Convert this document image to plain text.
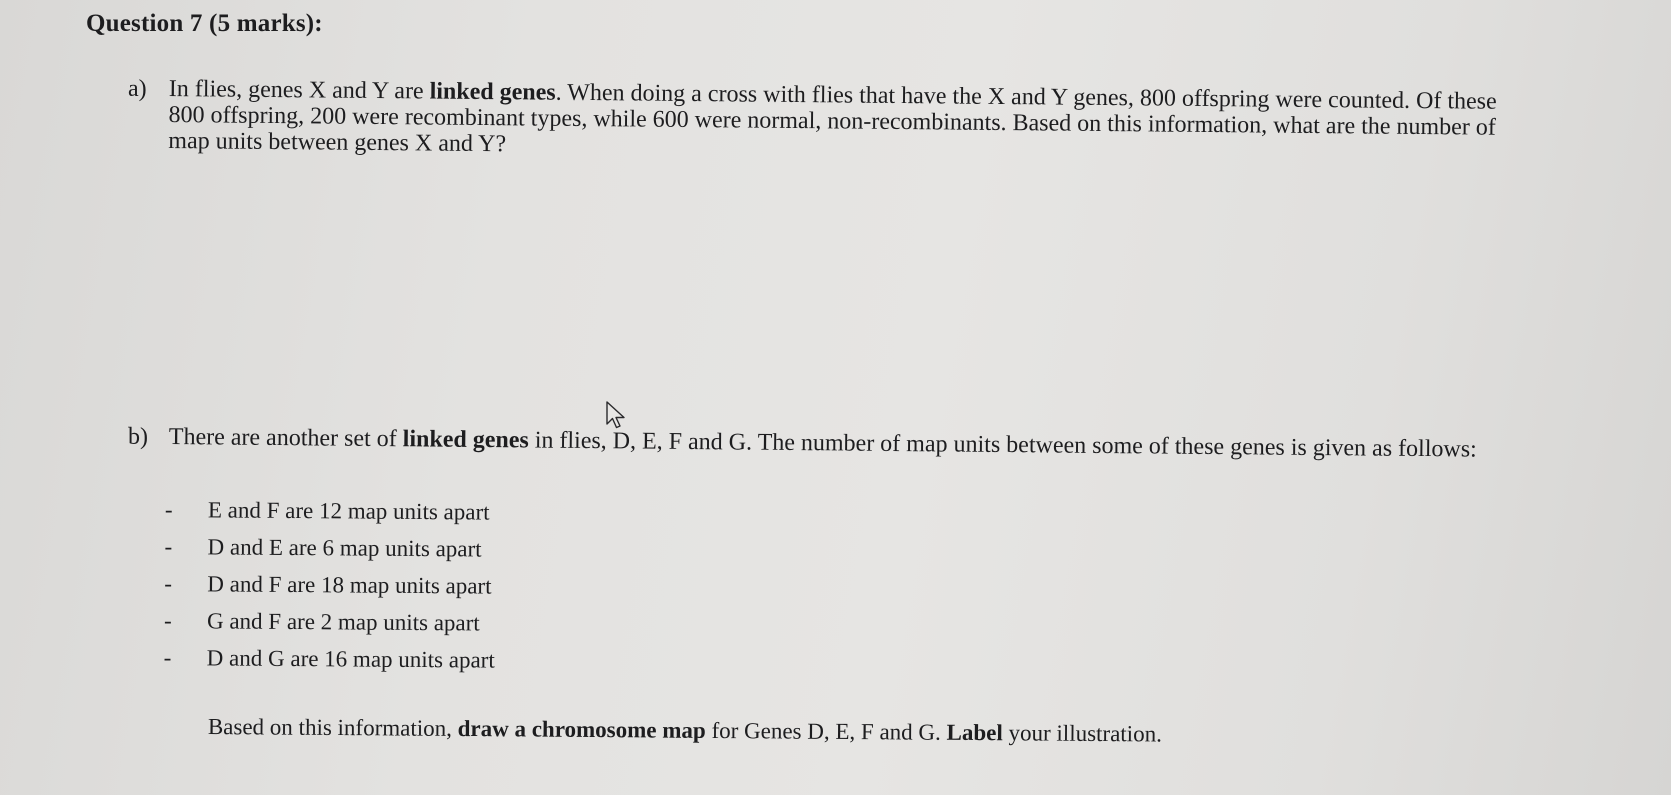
Question 7 (5 marks):
a) In flies, genes X and Y are linked genes. When doing a cross with flies that have the X and Y genes, 800 offspring were counted. Of these 800 offspring, 200 were recombinant types, while 600 were normal, non-recombinants. Based on this information, what are the number of map units between genes X and Y?
b) There are another set of linked genes in flies, D, E, F and G. The number of map units between some of these genes is given as follows:
- E and F are 12 map units apart
- D and E are 6 map units apart
- D and F are 18 map units apart
- G and F are 2 map units apart
- D and G are 16 map units apart
Based on this information, draw a chromosome map for Genes D, E, F and G. Label your illustration.
